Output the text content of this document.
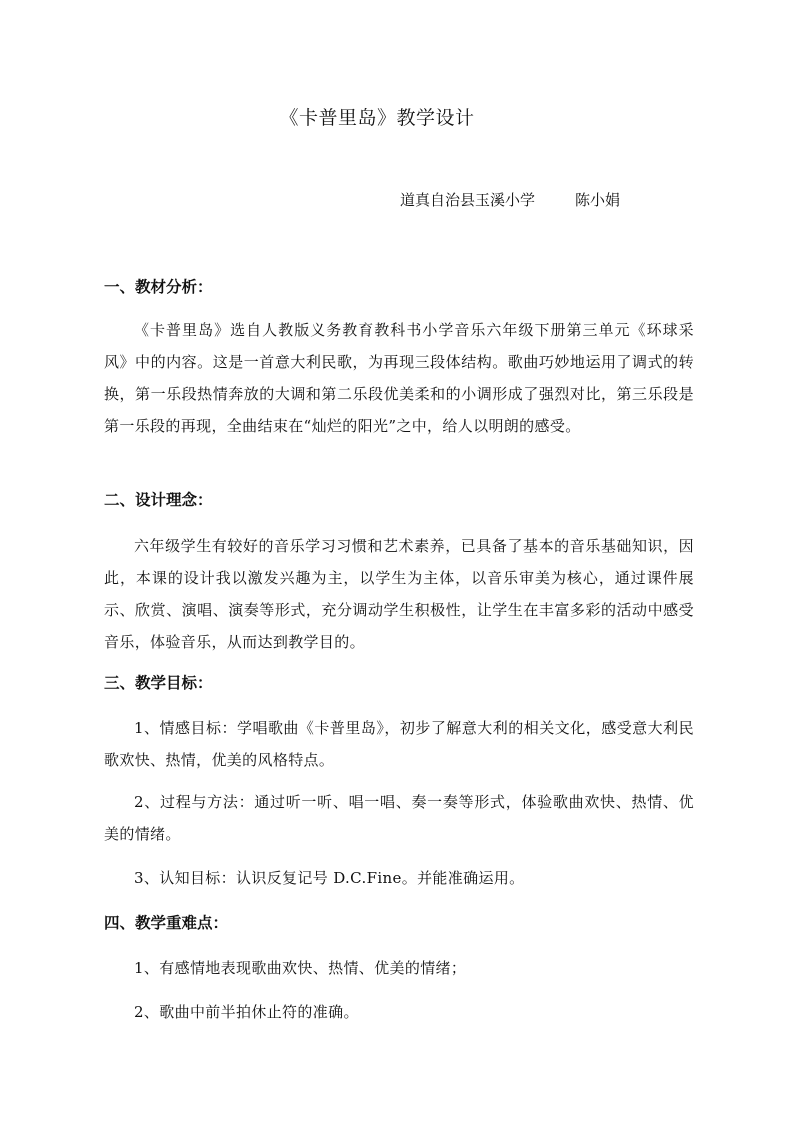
《卡普里岛》教学设计
道真自治县玉溪小学	陈小娟
一、教材分析：
《卡普里岛》选自人教版义务教育教科书小学音乐六年级下册第三单元《环球采风》中的内容。这是一首意大利民歌，为再现三段体结构。歌曲巧妙地运用了调式的转换，第一乐段热情奔放的大调和第二乐段优美柔和的小调形成了强烈对比，第三乐段是第一乐段的再现，全曲结束在“灿烂的阳光”之中，给人以明朗的感受。
二、设计理念：
六年级学生有较好的音乐学习习惯和艺术素养，已具备了基本的音乐基础知识，因此，本课的设计我以激发兴趣为主，以学生为主体，以音乐审美为核心，通过课件展示、欣赏、演唱、演奏等形式，充分调动学生积极性，让学生在丰富多彩的活动中感受音乐，体验音乐，从而达到教学目的。
三、教学目标：
1、情感目标：学唱歌曲《卡普里岛》，初步了解意大利的相关文化，感受意大利民歌欢快、热情，优美的风格特点。
2、过程与方法：通过听一听、唱一唱、奏一奏等形式，体验歌曲欢快、热情、优美的情绪。
3、认知目标：认识反复记号 D.C.Fine。并能准确运用。
四、教学重难点：
1、有感情地表现歌曲欢快、热情、优美的情绪；
2、歌曲中前半拍休止符的准确。
